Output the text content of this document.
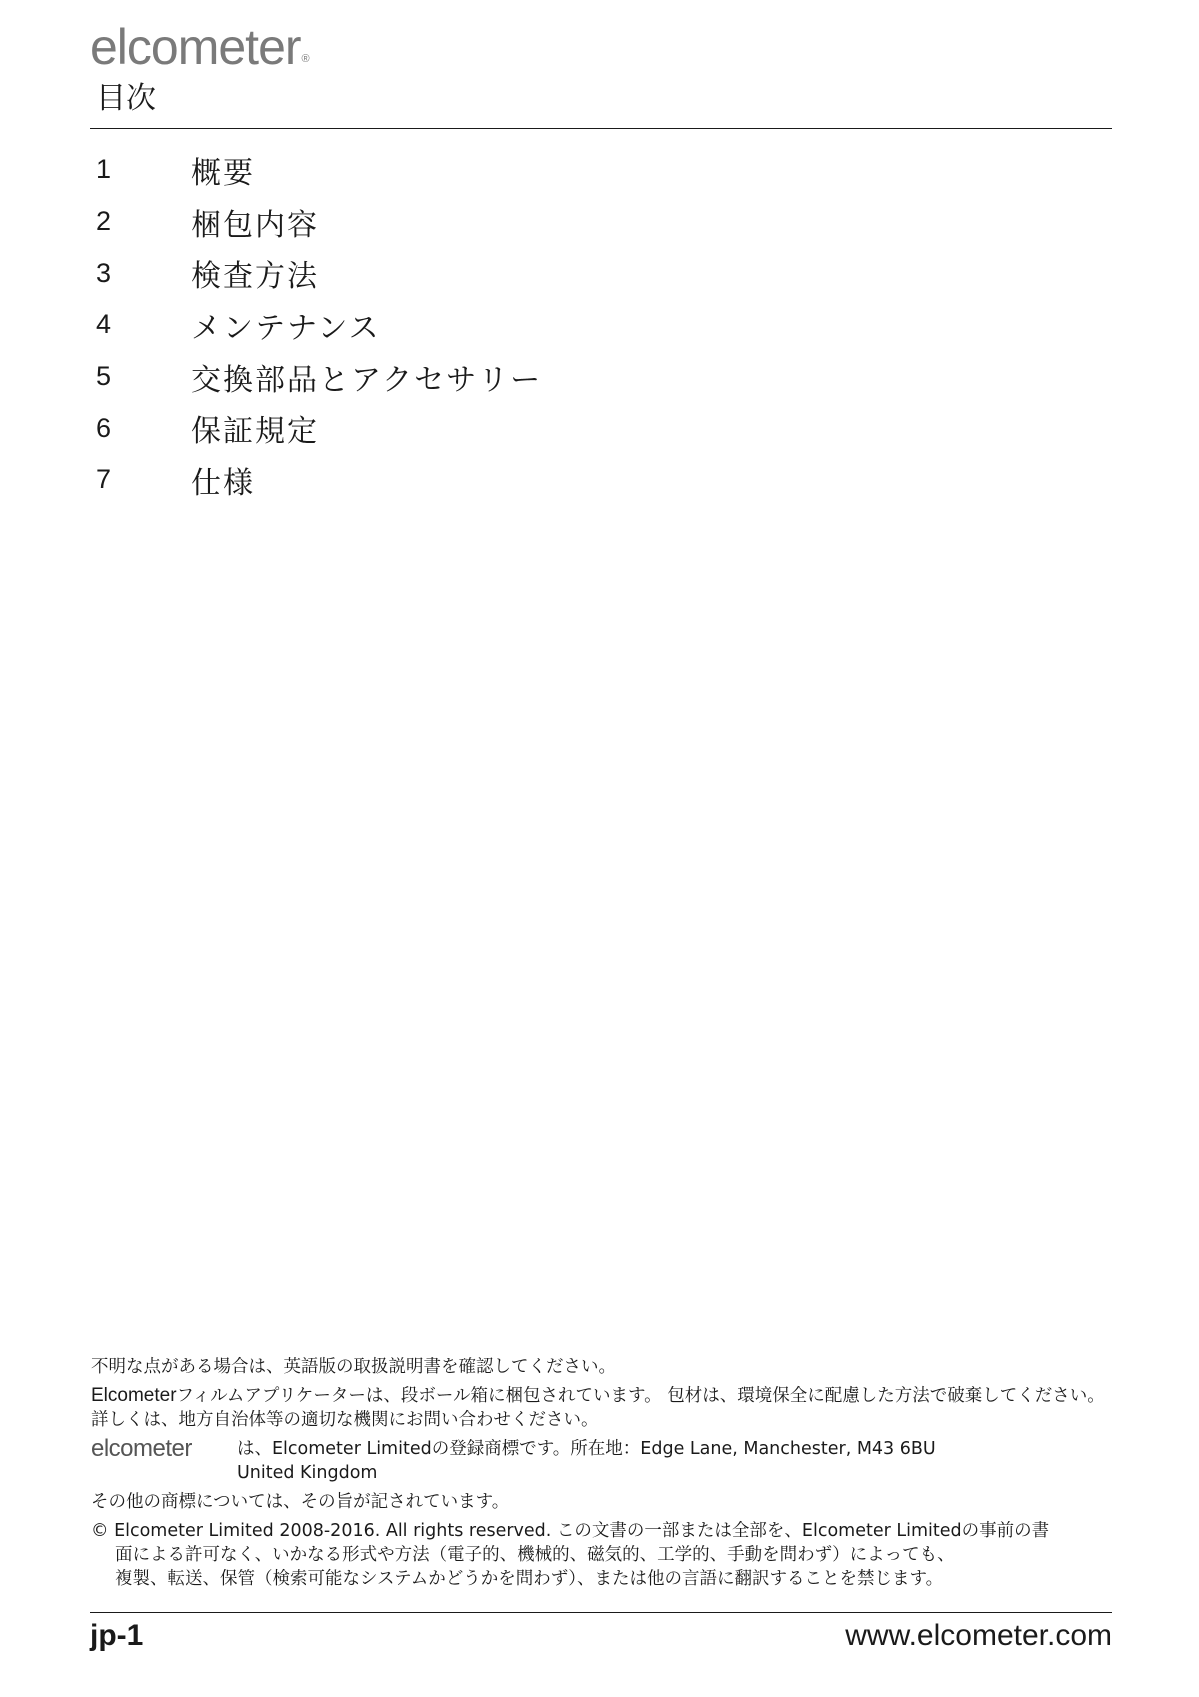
elcometer®
目次
1	概要
2	梱包内容
3	検査方法
4	メンテナンス
5	交換部品とアクセサリー
6	保証規定
7	仕様

不明な点がある場合は、英語版の取扱説明書を確認してください。

Elcometerフィルムアプリケーターは、段ボール箱に梱包されています。 包材は、環境保全に配慮した方法で破棄してください。詳しくは、地方自治体等の適切な機関にお問い合わせください。

elcometer	は、Elcometer Limitedの登録商標です。所在地：Edge Lane, Manchester, M43 6BU
United Kingdom

その他の商標については、その旨が記されています。

© Elcometer Limited 2008-2016. All rights reserved. この文書の一部または全部を、Elcometer Limitedの事前の書
面による許可なく、いかなる形式や方法（電子的、機械的、磁気的、工学的、手動を問わず）によっても、
複製、転送、保管（検索可能なシステムかどうかを問わず）、または他の言語に翻訳することを禁じます。

jp-1	www.elcometer.com
